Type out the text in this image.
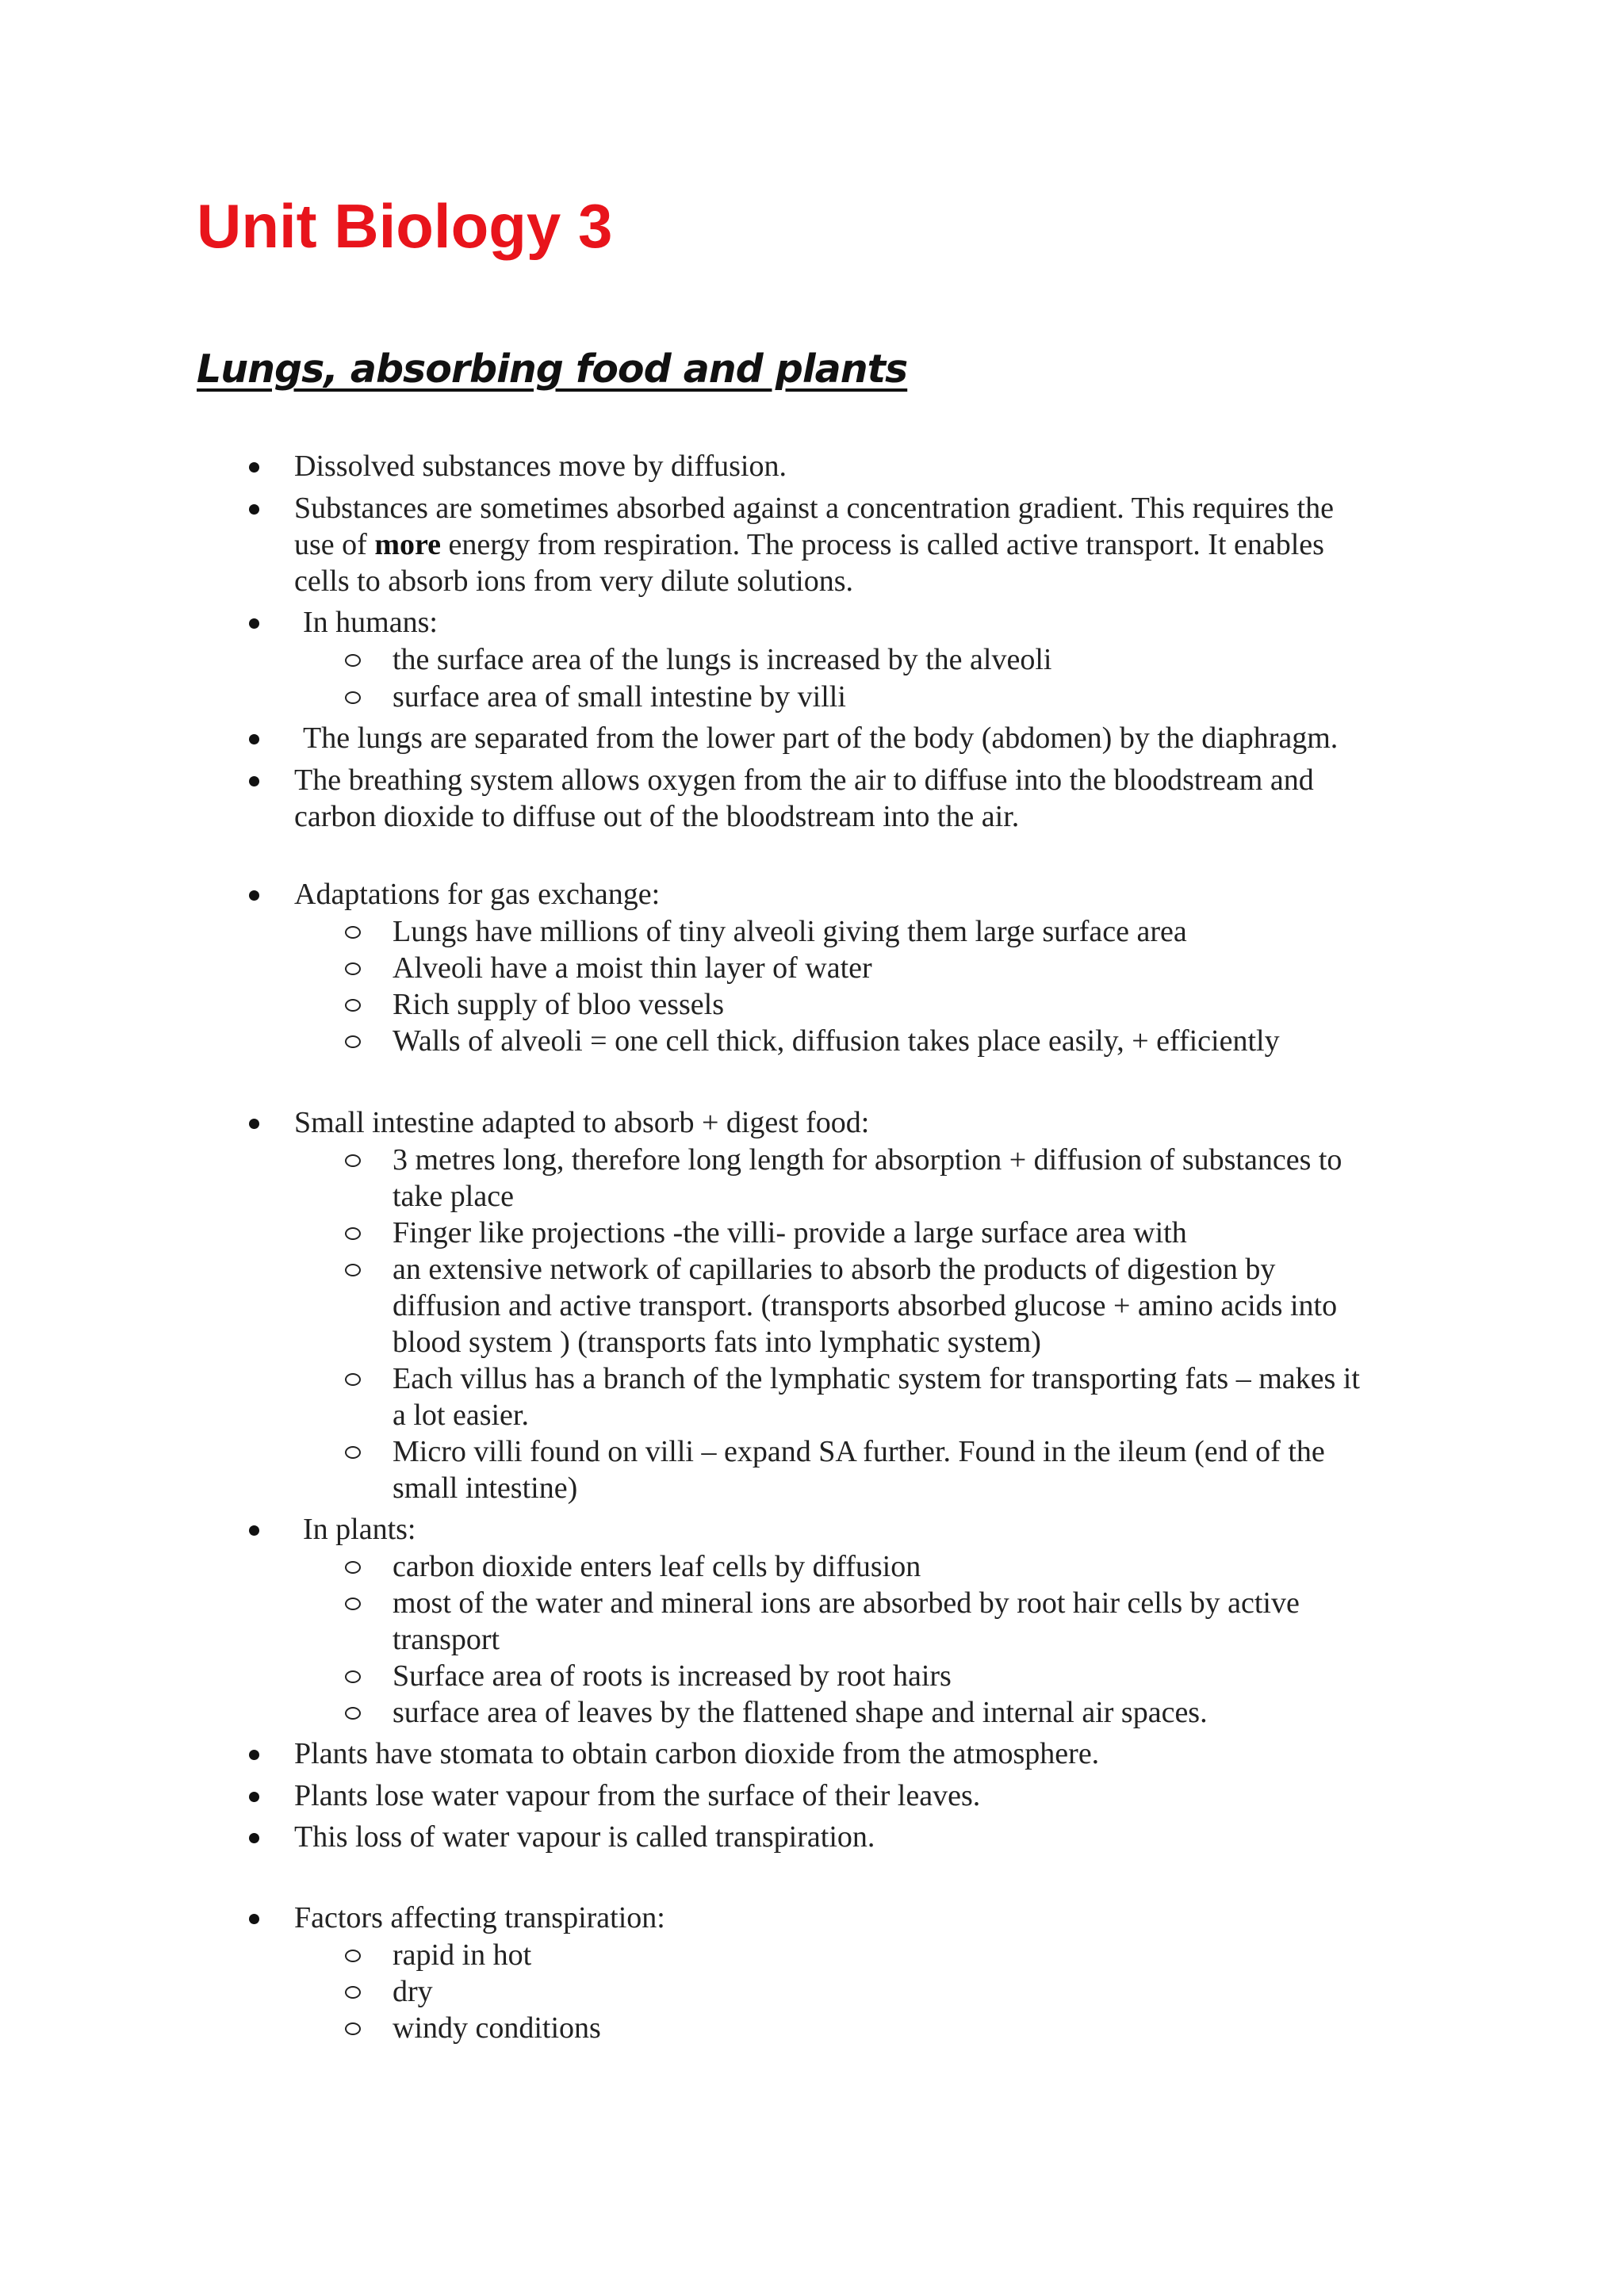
Unit Biology 3
Lungs, absorbing food and plants
Dissolved substances move by diffusion.
Substances are sometimes absorbed against a concentration gradient. This requires the
use of more energy from respiration. The process is called active transport. It enables
cells to absorb ions from very dilute solutions.
In humans:
the surface area of the lungs is increased by the alveoli
surface area of small intestine by villi
The lungs are separated from the lower part of the body (abdomen) by the diaphragm.
The breathing system allows oxygen from the air to diffuse into the bloodstream and
carbon dioxide to diffuse out of the bloodstream into the air.
Adaptations for gas exchange:
Lungs have millions of tiny alveoli giving them large surface area
Alveoli have a moist thin layer of water
Rich supply of bloo vessels
Walls of alveoli = one cell thick, diffusion takes place easily, + efficiently
Small intestine adapted to absorb + digest food:
3 metres long, therefore long length for absorption + diffusion of substances to
take place
Finger like projections -the villi- provide a large surface area with
an extensive network of capillaries to absorb the products of digestion by
diffusion and active transport. (transports absorbed glucose + amino acids into
blood system ) (transports fats into lymphatic system)
Each villus has a branch of the lymphatic system for transporting fats – makes it
a lot easier.
Micro villi found on villi – expand SA further. Found in the ileum (end of the
small intestine)
In plants:
carbon dioxide enters leaf cells by diffusion
most of the water and mineral ions are absorbed by root hair cells by active
transport
Surface area of roots is increased by root hairs
surface area of leaves by the flattened shape and internal air spaces.
Plants have stomata to obtain carbon dioxide from the atmosphere.
Plants lose water vapour from the surface of their leaves.
This loss of water vapour is called transpiration.
Factors affecting transpiration:
rapid in hot
dry
windy conditions
